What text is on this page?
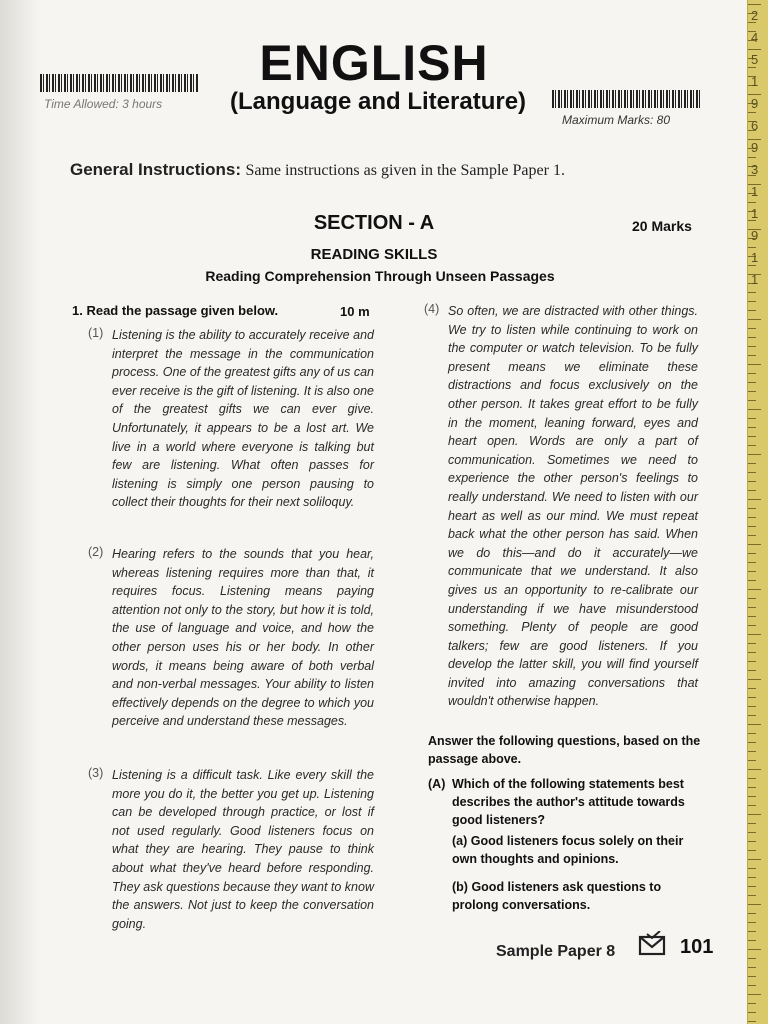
ENGLISH
(Language and Literature)
Time Allowed: 3 hours
Maximum Marks: 80
General Instructions: Same instructions as given in the Sample Paper 1.
SECTION - A	20 Marks
READING SKILLS
Reading Comprehension Through Unseen Passages
1. Read the passage given below.	10 m
(1) Listening is the ability to accurately receive and interpret the message in the communication process. One of the greatest gifts any of us can ever receive is the gift of listening. It is also one of the greatest gifts we can ever give. Unfortunately, it appears to be a lost art. We live in a world where everyone is talking but few are listening. What often passes for listening is simply one person pausing to collect their thoughts for their next soliloquy.
(2) Hearing refers to the sounds that you hear, whereas listening requires more than that, it requires focus. Listening means paying attention not only to the story, but how it is told, the use of language and voice, and how the other person uses his or her body. In other words, it means being aware of both verbal and non-verbal messages. Your ability to listen effectively depends on the degree to which you perceive and understand these messages.
(3) Listening is a difficult task. Like every skill the more you do it, the better you get up. Listening can be developed through practice, or lost if not used regularly. Good listeners focus on what they are hearing. They pause to think about what they've heard before responding. They ask questions because they want to know the answers. Not just to keep the conversation going.
(4) So often, we are distracted with other things. We try to listen while continuing to work on the computer or watch television. To be fully present means we eliminate these distractions and focus exclusively on the other person. It takes great effort to be fully in the moment, leaning forward, eyes and heart open. Words are only a part of communication. Sometimes we need to experience the other person's feelings to really understand. We need to listen with our heart as well as our mind. We must repeat back what the other person has said. When we do this—and do it accurately—we communicate that we understand. It also gives us an opportunity to re-calibrate our understanding if we have misunderstood something. Plenty of people are good talkers; few are good listeners. If you develop the latter skill, you will find yourself invited into amazing conversations that wouldn't otherwise happen.
Answer the following questions, based on the passage above.
(A) Which of the following statements best describes the author's attitude towards good listeners?
(a) Good listeners focus solely on their own thoughts and opinions.
(b) Good listeners ask questions to prolong conversations.
Sample Paper 8	101
2
4
5
1
9
6
9
3
1
1
9
1
1
